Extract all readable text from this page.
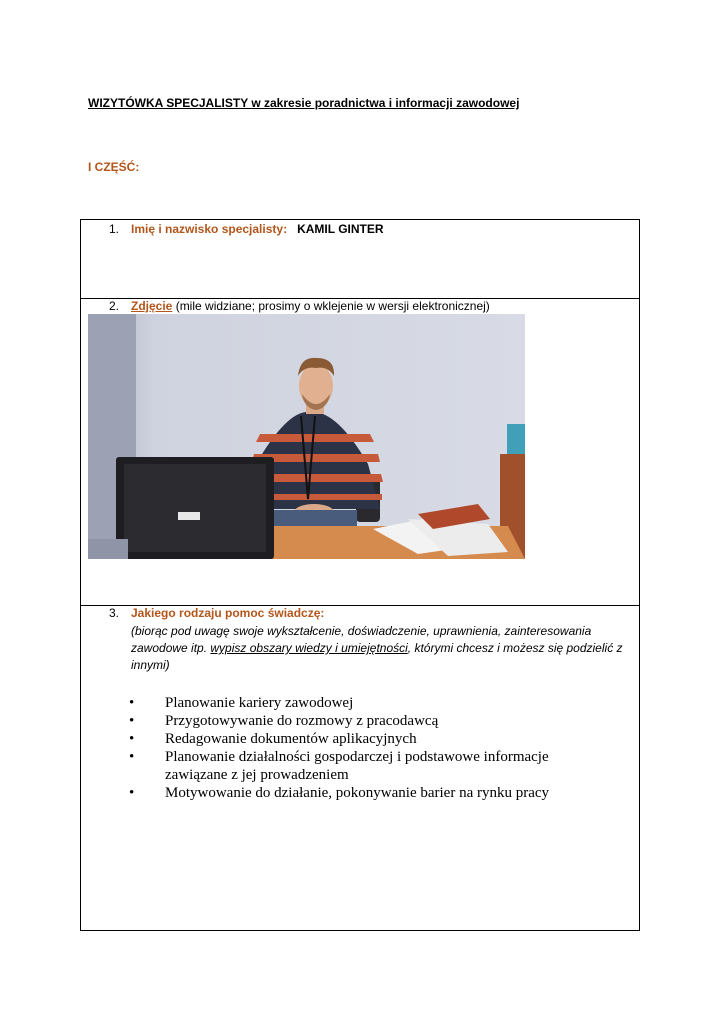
WIZYTÓWKA SPECJALISTY w zakresie poradnictwa i informacji zawodowej
I CZĘŚĆ:
1. Imię i nazwisko specjalisty: KAMIL GINTER
2. Zdjęcie (mile widziane; prosimy o wklejenie w wersji elektronicznej)
3. Jakiego rodzaju pomoc świadczę:
(biorąc pod uwagę swoje wykształcenie, doświadczenie, uprawnienia, zainteresowania zawodowe itp. wypisz obszary wiedzy i umiejętności, którymi chcesz i możesz się podzielić z innymi)
• Planowanie kariery zawodowej
• Przygotowywanie do rozmowy z pracodawcą
• Redagowanie dokumentów aplikacyjnych
• Planowanie działalności gospodarczej i podstawowe informacje zawiązane z jej prowadzeniem
• Motywowanie do działanie, pokonywanie barier na rynku pracy
